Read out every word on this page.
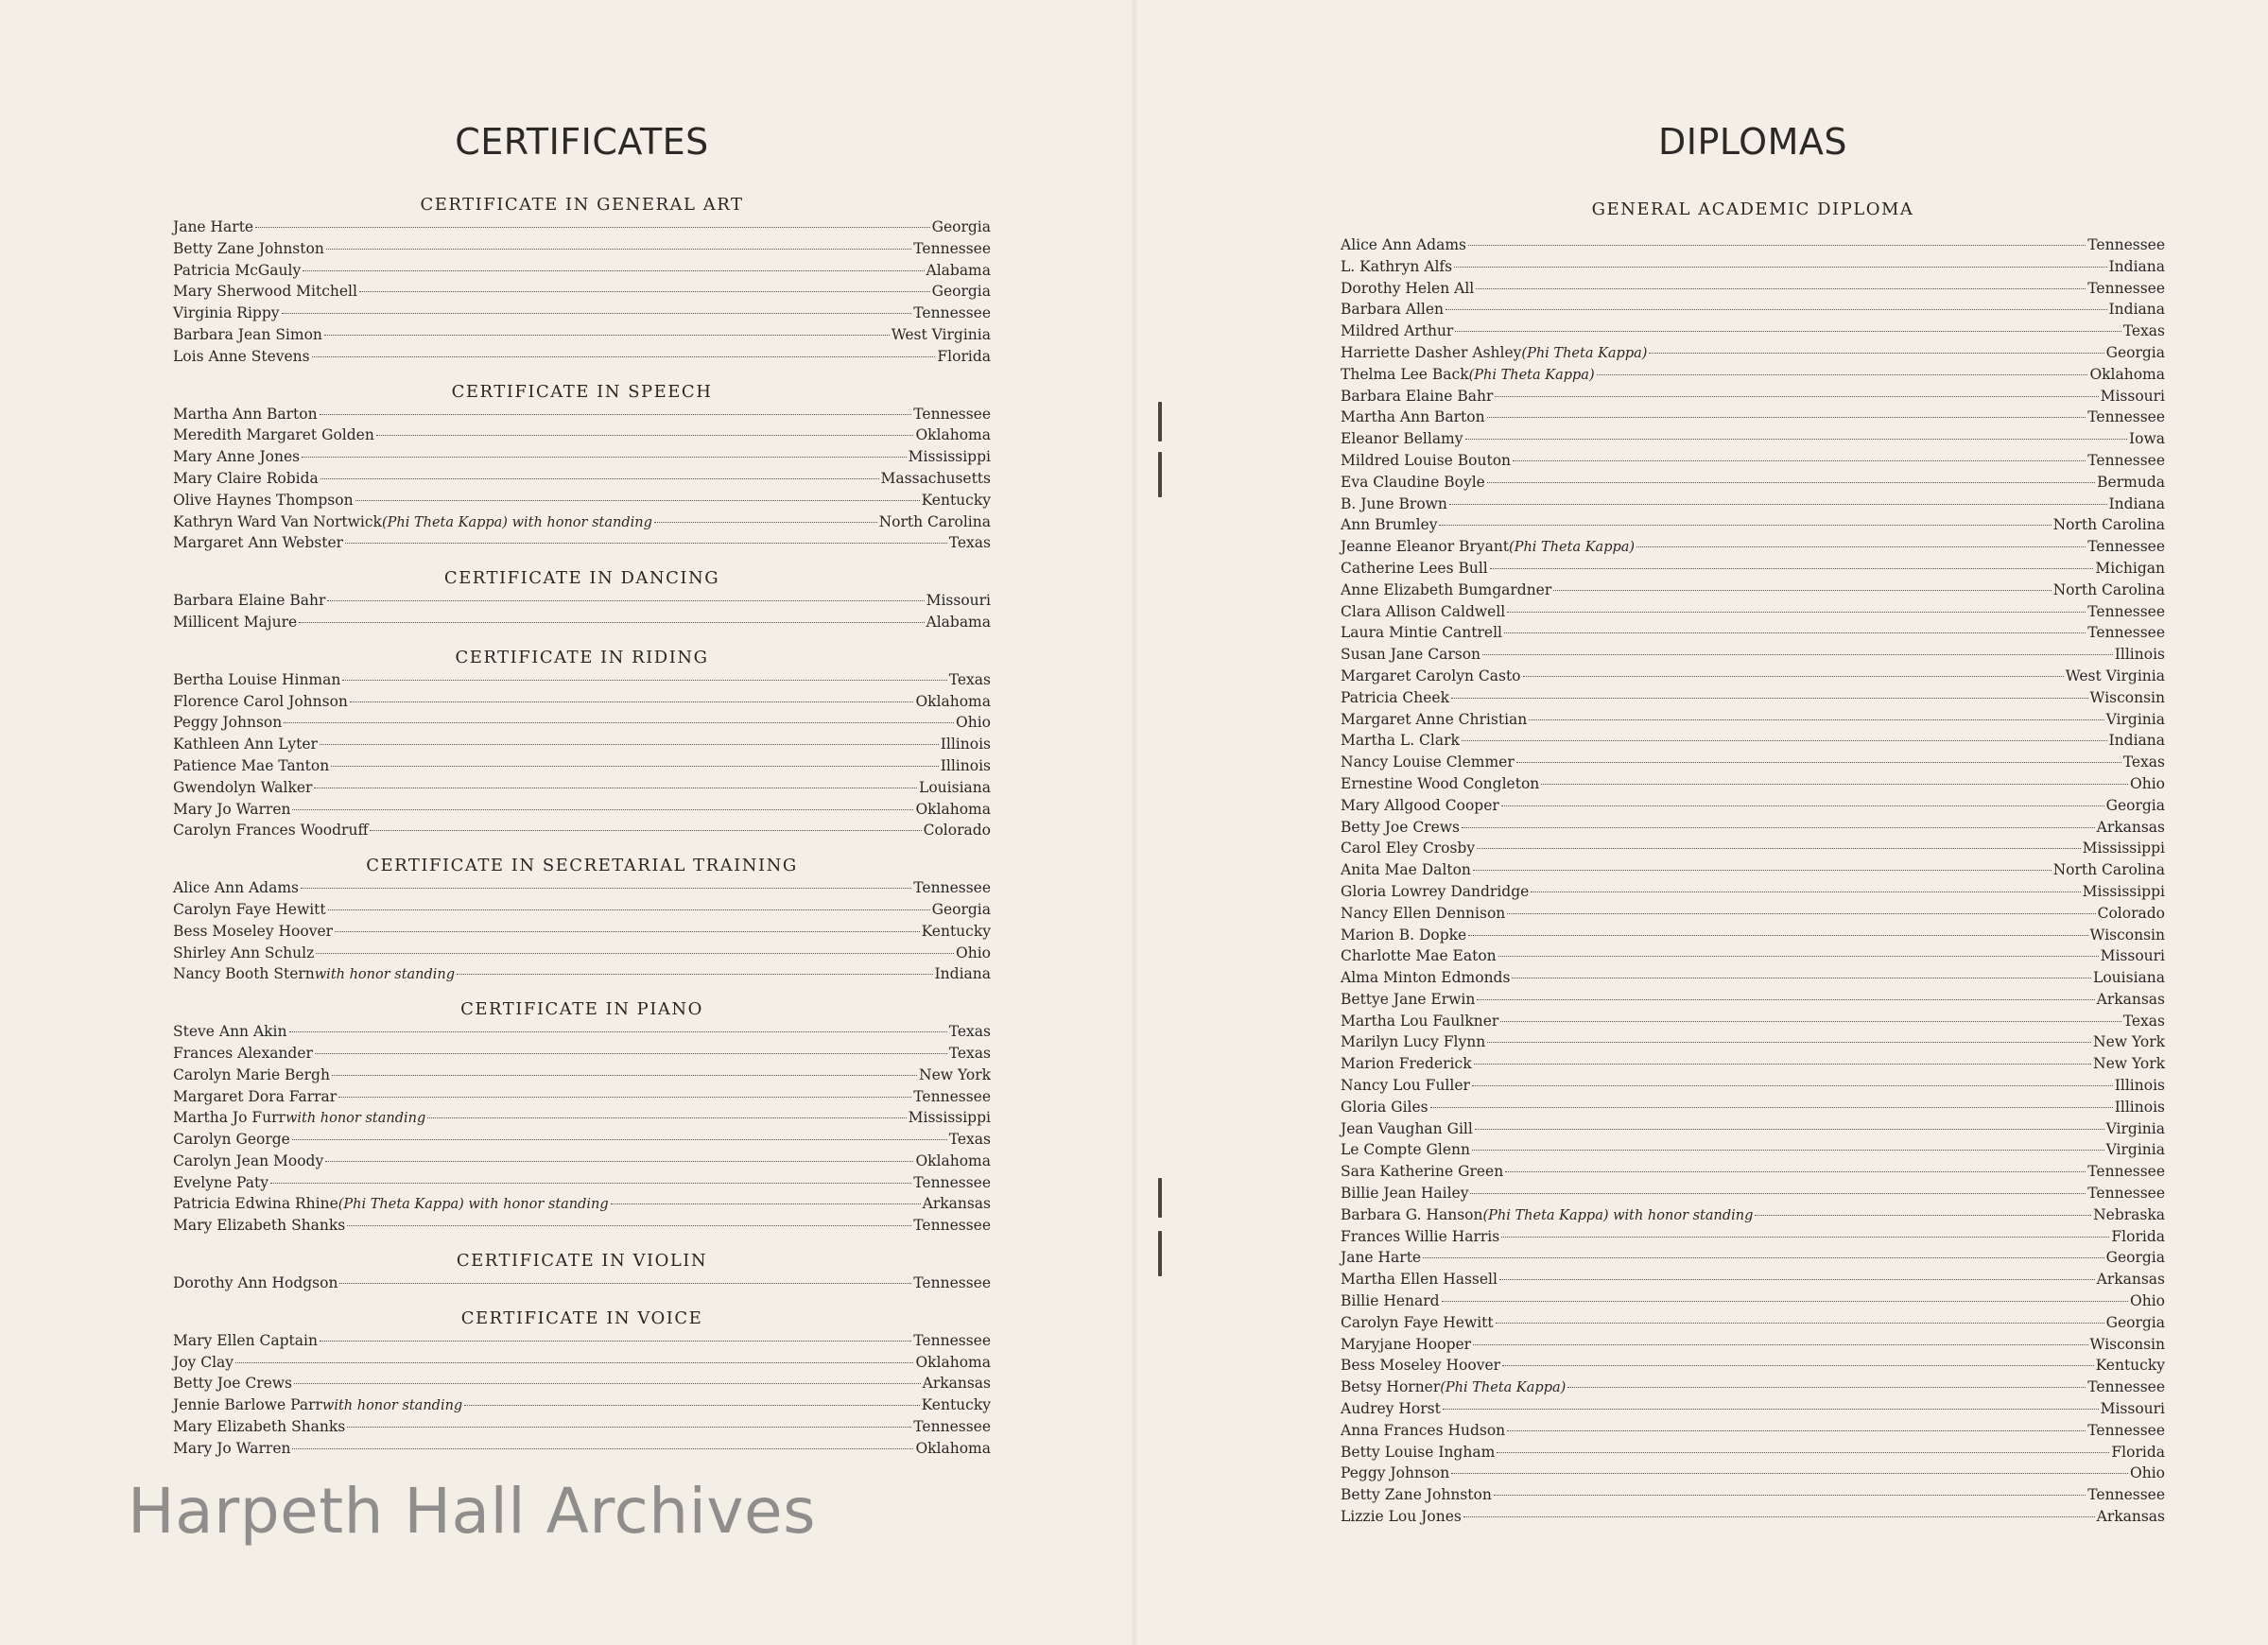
CERTIFICATES
CERTIFICATE IN GENERAL ART
Jane Harte	Georgia
Betty Zane Johnston	Tennessee
Patricia McGauly	Alabama
Mary Sherwood Mitchell	Georgia
Virginia Rippy	Tennessee
Barbara Jean Simon	West Virginia
Lois Anne Stevens	Florida
CERTIFICATE IN SPEECH
Martha Ann Barton	Tennessee
Meredith Margaret Golden	Oklahoma
Mary Anne Jones	Mississippi
Mary Claire Robida	Massachusetts
Olive Haynes Thompson	Kentucky
Kathryn Ward Van Nortwick (Phi Theta Kappa) with honor standing	North Carolina
Margaret Ann Webster	Texas
CERTIFICATE IN DANCING
Barbara Elaine Bahr	Missouri
Millicent Majure	Alabama
CERTIFICATE IN RIDING
Bertha Louise Hinman	Texas
Florence Carol Johnson	Oklahoma
Peggy Johnson	Ohio
Kathleen Ann Lyter	Illinois
Patience Mae Tanton	Illinois
Gwendolyn Walker	Louisiana
Mary Jo Warren	Oklahoma
Carolyn Frances Woodruff	Colorado
CERTIFICATE IN SECRETARIAL TRAINING
Alice Ann Adams	Tennessee
Carolyn Faye Hewitt	Georgia
Bess Moseley Hoover	Kentucky
Shirley Ann Schulz	Ohio
Nancy Booth Stern with honor standing	Indiana
CERTIFICATE IN PIANO
Steve Ann Akin	Texas
Frances Alexander	Texas
Carolyn Marie Bergh	New York
Margaret Dora Farrar	Tennessee
Martha Jo Furr with honor standing	Mississippi
Carolyn George	Texas
Carolyn Jean Moody	Oklahoma
Evelyne Paty	Tennessee
Patricia Edwina Rhine (Phi Theta Kappa) with honor standing	Arkansas
Mary Elizabeth Shanks	Tennessee
CERTIFICATE IN VIOLIN
Dorothy Ann Hodgson	Tennessee
CERTIFICATE IN VOICE
Mary Ellen Captain	Tennessee
Joy Clay	Oklahoma
Betty Joe Crews	Arkansas
Jennie Barlowe Parr with honor standing	Kentucky
Mary Elizabeth Shanks	Tennessee
Mary Jo Warren	Oklahoma
DIPLOMAS
GENERAL ACADEMIC DIPLOMA
Alice Ann Adams	Tennessee
L. Kathryn Alfs	Indiana
Dorothy Helen All	Tennessee
Barbara Allen	Indiana
Mildred Arthur	Texas
Harriette Dasher Ashley (Phi Theta Kappa)	Georgia
Thelma Lee Back (Phi Theta Kappa)	Oklahoma
Barbara Elaine Bahr	Missouri
Martha Ann Barton	Tennessee
Eleanor Bellamy	Iowa
Mildred Louise Bouton	Tennessee
Eva Claudine Boyle	Bermuda
B. June Brown	Indiana
Ann Brumley	North Carolina
Jeanne Eleanor Bryant (Phi Theta Kappa)	Tennessee
Catherine Lees Bull	Michigan
Anne Elizabeth Bumgardner	North Carolina
Clara Allison Caldwell	Tennessee
Laura Mintie Cantrell	Tennessee
Susan Jane Carson	Illinois
Margaret Carolyn Casto	West Virginia
Patricia Cheek	Wisconsin
Margaret Anne Christian	Virginia
Martha L. Clark	Indiana
Nancy Louise Clemmer	Texas
Ernestine Wood Congleton	Ohio
Mary Allgood Cooper	Georgia
Betty Joe Crews	Arkansas
Carol Eley Crosby	Mississippi
Anita Mae Dalton	North Carolina
Gloria Lowrey Dandridge	Mississippi
Nancy Ellen Dennison	Colorado
Marion B. Dopke	Wisconsin
Charlotte Mae Eaton	Missouri
Alma Minton Edmonds	Louisiana
Bettye Jane Erwin	Arkansas
Martha Lou Faulkner	Texas
Marilyn Lucy Flynn	New York
Marion Frederick	New York
Nancy Lou Fuller	Illinois
Gloria Giles	Illinois
Jean Vaughan Gill	Virginia
Le Compte Glenn	Virginia
Sara Katherine Green	Tennessee
Billie Jean Hailey	Tennessee
Barbara G. Hanson (Phi Theta Kappa) with honor standing	Nebraska
Frances Willie Harris	Florida
Jane Harte	Georgia
Martha Ellen Hassell	Arkansas
Billie Henard	Ohio
Carolyn Faye Hewitt	Georgia
Maryjane Hooper	Wisconsin
Bess Moseley Hoover	Kentucky
Betsy Horner (Phi Theta Kappa)	Tennessee
Audrey Horst	Missouri
Anna Frances Hudson	Tennessee
Betty Louise Ingham	Florida
Peggy Johnson	Ohio
Betty Zane Johnston	Tennessee
Lizzie Lou Jones	Arkansas
Harpeth Hall Archives
